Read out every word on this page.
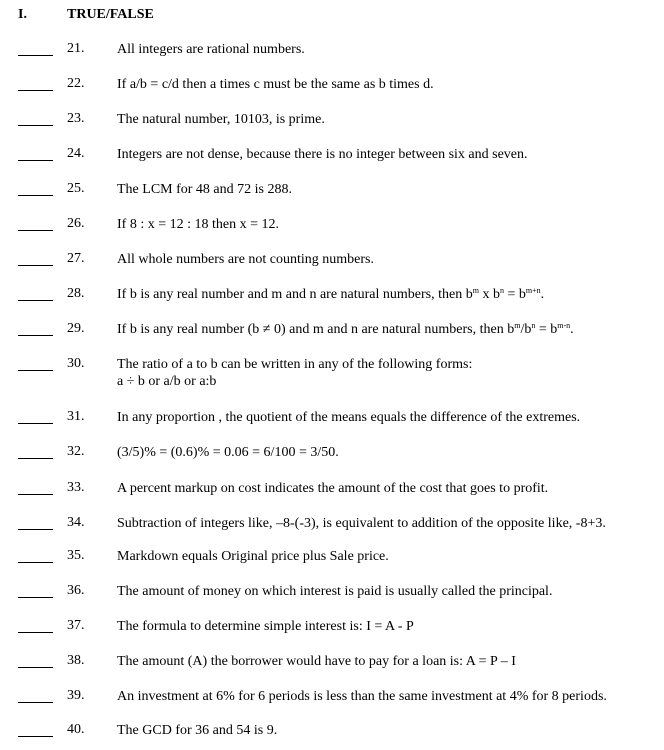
I.	TRUE/FALSE
21. All integers are rational numbers.
22. If a/b = c/d then a times c must be the same as b times d.
23. The natural number, 10103, is prime.
24. Integers are not dense, because there is no integer between six and seven.
25. The LCM for 48 and 72 is 288.
26. If 8 : x = 12 : 18 then x = 12.
27. All whole numbers are not counting numbers.
28. If b is any real number and m and n are natural numbers, then $b^m$ x $b^n = b^{m+n}$.
29. If b is any real number (b ≠ 0) and m and n are natural numbers, then $b^m/b^n = b^{m-n}$.
30. The ratio of a to b can be written in any of the following forms:
a ÷ b or a/b or a:b
31. In any proportion , the quotient of the means equals the difference of the extremes.
32. (3/5)% = (0.6)% = 0.06 = 6/100 = 3/50.
33. A percent markup on cost indicates the amount of the cost that goes to profit.
34. Subtraction of integers like, –8-(-3), is equivalent to addition of the opposite like, -8+3.
35. Markdown equals Original price plus Sale price.
36. The amount of money on which interest is paid is usually called the principal.
37. The formula to determine simple interest is: I = A - P
38. The amount (A) the borrower would have to pay for a loan is: A = P – I
39. An investment at 6% for 6 periods is less than the same investment at 4% for 8 periods.
40. The GCD for 36 and 54 is 9.
